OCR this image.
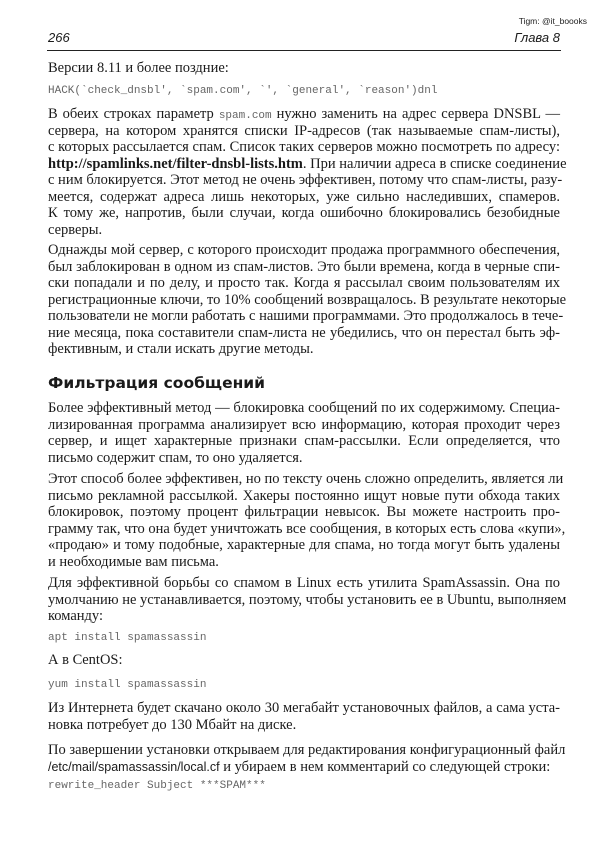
Tigm: @it_boooks
266	Глава 8
Фильтрация сообщений
Версии 8.11 и более поздние:
HACK(`check_dnsbl', `spam.com', `', `general', `reason')dnl
В обеих строках параметр spam.com нужно заменить на адрес сервера DNSBL —
сервера, на котором хранятся списки IP-адресов (так называемые спам-листы),
с которых рассылается спам. Список таких серверов можно посмотреть по адресу:
http://spamlinks.net/filter-dnsbl-lists.htm. При наличии адреса в списке соединение
с ним блокируется. Этот метод не очень эффективен, потому что спам-листы, разу-
меется, содержат адреса лишь некоторых, уже сильно наследивших, спамеров.
К тому же, напротив, были случаи, когда ошибочно блокировались безобидные
серверы.
Однажды мой сервер, с которого происходит продажа программного обеспечения,
был заблокирован в одном из спам-листов. Это были времена, когда в черные спи-
ски попадали и по делу, и просто так. Когда я рассылал своим пользователям их
регистрационные ключи, то 10% сообщений возвращалось. В результате некоторые
пользователи не могли работать с нашими программами. Это продолжалось в тече-
ние месяца, пока составители спам-листа не убедились, что он перестал быть эф-
фективным, и стали искать другие методы.
Более эффективный метод — блокировка сообщений по их содержимому. Специа-
лизированная программа анализирует всю информацию, которая проходит через
сервер, и ищет характерные признаки спам-рассылки. Если определяется, что
письмо содержит спам, то оно удаляется.
Этот способ более эффективен, но по тексту очень сложно определить, является ли
письмо рекламной рассылкой. Хакеры постоянно ищут новые пути обхода таких
блокировок, поэтому процент фильтрации невысок. Вы можете настроить про-
грамму так, что она будет уничтожать все сообщения, в которых есть слова «купи»,
«продаю» и тому подобные, характерные для спама, но тогда могут быть удалены
и необходимые вам письма.
Для эффективной борьбы со спамом в Linux есть утилита SpamAssassin. Она по
умолчанию не устанавливается, поэтому, чтобы установить ее в Ubuntu, выполняем
команду:
apt install spamassassin
А в CentOS:
yum install spamassassin
Из Интернета будет скачано около 30 мегабайт установочных файлов, а сама уста-
новка потребует до 130 Мбайт на диске.
По завершении установки открываем для редактирования конфигурационный файл
/etc/mail/spamassassin/local.cf и убираем в нем комментарий со следующей строки:
rewrite_header Subject ***SPAM***
